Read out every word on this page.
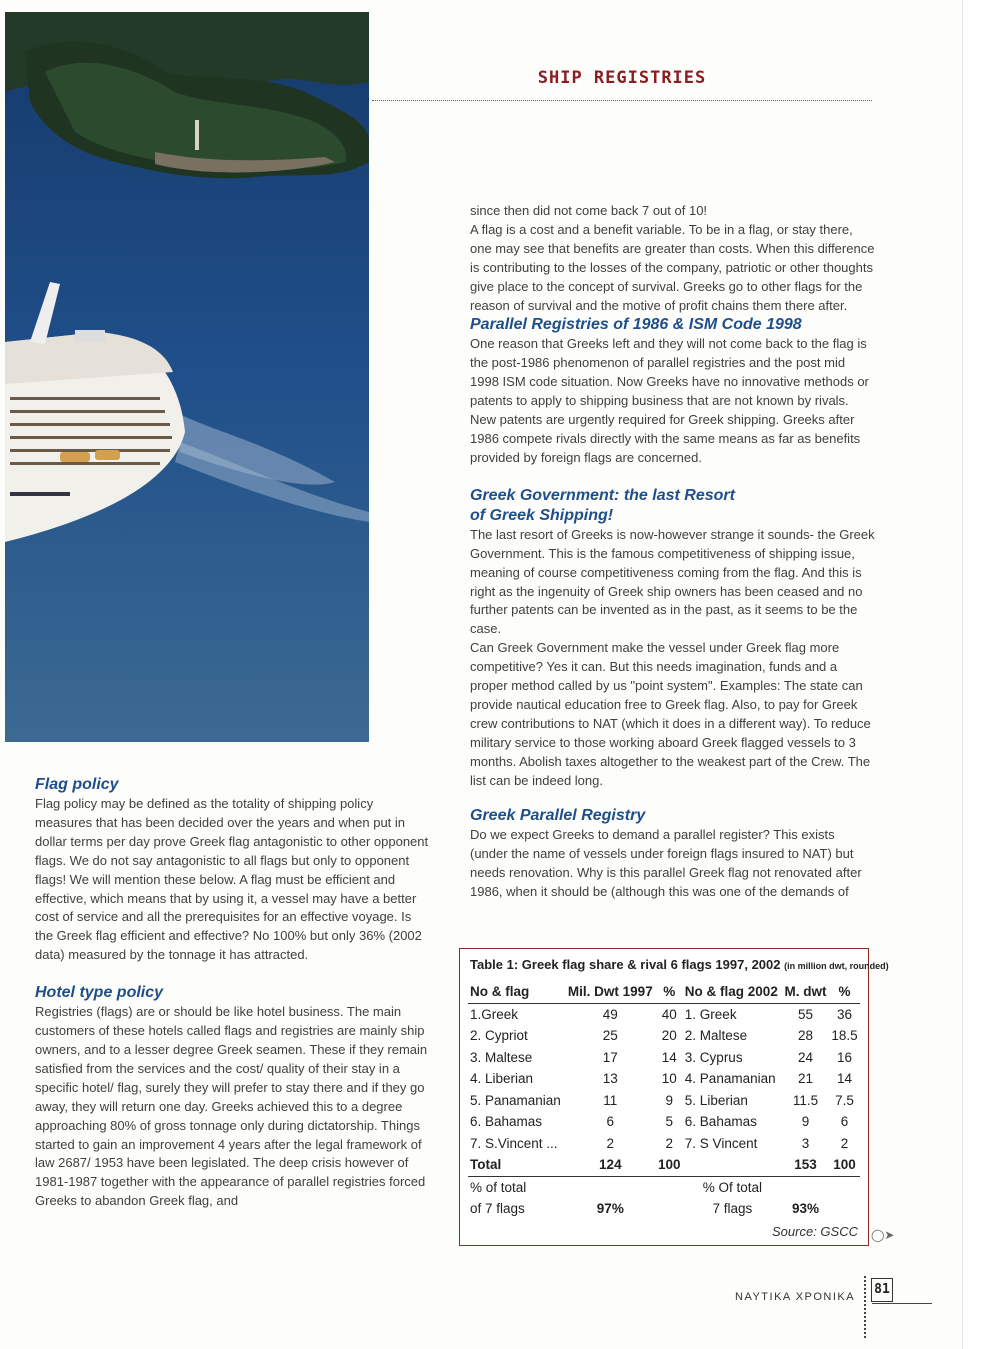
SHIP REGISTRIES

since then did not come back 7 out of 10!

A flag is a cost and a benefit variable. To be in a flag, or stay there, one may see that benefits are greater than costs. When this difference is contributing to the losses of the company, patriotic or other thoughts give place to the concept of survival. Greeks go to other flags for the reason of survival and the motive of profit chains them there after.

Parallel Registries of 1986 & ISM Code 1998

One reason that Greeks left and they will not come back to the flag is the post-1986 phenomenon of parallel registries and the post mid 1998 ISM code situation. Now Greeks have no innovative methods or patents to apply to shipping business that are not known by rivals. New patents are urgently required for Greek shipping. Greeks after 1986 compete rivals directly with the same means as far as benefits provided by foreign flags are concerned.

Greek Government: the last Resort

of Greek Shipping!

The last resort of Greeks is now-however strange it sounds- the Greek Government. This is the famous competitiveness of shipping issue, meaning of course competitiveness coming from the flag. And this is right as the ingenuity of Greek ship owners has been ceased and no further patents can be invented as in the past, as it seems to be the case.

Can Greek Government make the vessel under Greek flag more competitive? Yes it can. But this needs imagination, funds and a proper method called by us "point system". Examples: The state can provide nautical education free to Greek flag. Also, to pay for Greek crew contributions to NAT (which it does in a different way). To reduce military service to those working aboard Greek flagged vessels to 3 months. Abolish taxes altogether to the weakest part of the Crew. The list can be indeed long.

Greek Parallel Registry

Do we expect Greeks to demand a parallel register? This exists (under the name of vessels under foreign flags insured to NAT) but needs renovation. Why is this parallel Greek flag not renovated after 1986, when it should be (although this was one of the demands of

Flag policy

Flag policy may be defined as the totality of shipping policy measures that has been decided over the years and when put in dollar terms per day prove Greek flag antagonistic to other opponent flags. We do not say antagonistic to all flags but only to opponent flags! We will mention these below. A flag must be efficient and effective, which means that by using it, a vessel may have a better cost of service and all the prerequisites for an effective voyage. Is the Greek flag efficient and effective? No 100% but only 36% (2002 data) measured by the tonnage it has attracted.

Hotel type policy

Registries (flags) are or should be like hotel business. The main customers of these hotels called flags and registries are mainly ship owners, and to a lesser degree Greek seamen. These if they remain satisfied from the services and the cost/ quality of their stay in a specific hotel/ flag, surely they will prefer to stay there and if they go away, they will return one day. Greeks achieved this to a degree approaching 80% of gross tonnage only during dictatorship. Things started to gain an improvement 4 years after the legal framework of law 2687/ 1953 have been legislated. The deep crisis however of 1981-1987 together with the appearance of parallel registries forced Greeks to abandon Greek flag, and

Table 1: Greek flag share & rival 6 flags 1997, 2002 (in million dwt, rounded)
No & flag	Mil. Dwt 1997	%	No & flag 2002	M. dwt	%
1.Greek	49	40	1. Greek	55	36
2. Cypriot	25	20	2. Maltese	28	18.5
3. Maltese	17	14	3. Cyprus	24	16
4. Liberian	13	10	4. Panamanian	21	14
5. Panamanian	11	9	5. Liberian	11.5	7.5
6. Bahamas	6	5	6. Bahamas	9	6
7. S.Vincent ...	2	2	7. S Vincent	3	2
Total	124	100		153	100
% of total			% Of total		
of 7 flags	97%		7 flags	93%	
Source: GSCC ◯➤
ΝΑΥΤΙΚΑ ΧΡΟΝΙΚΑ 81
